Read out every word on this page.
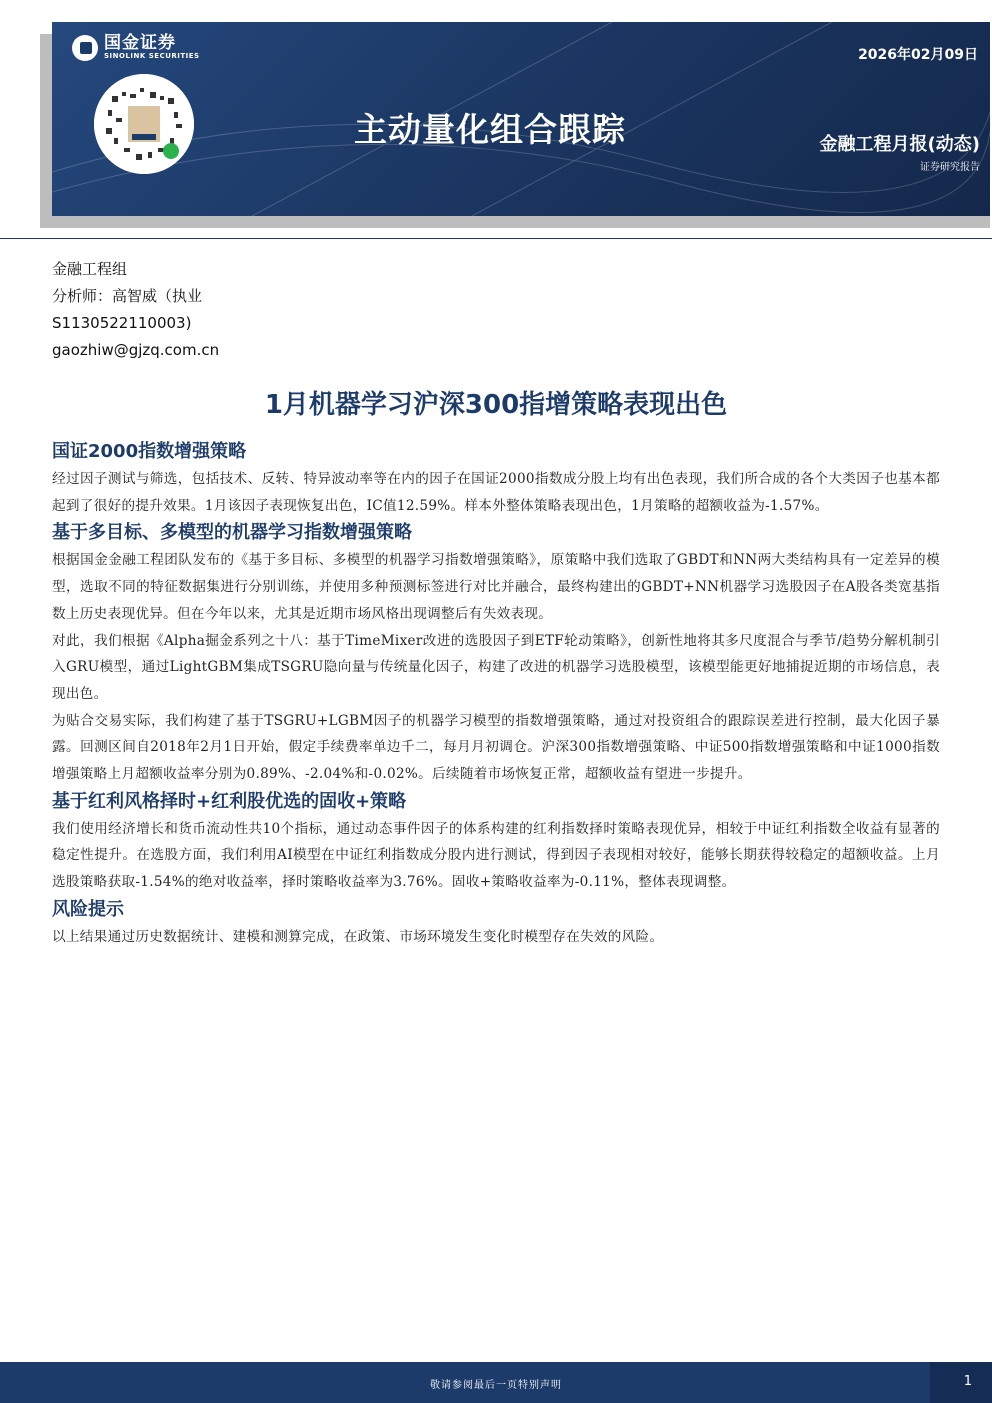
国金证券
SINOLINK SECURITIES
主动量化组合跟踪
2026年02月09日
金融工程月报(动态)
证券研究报告
金融工程组
分析师：高智威（执业
S1130522110003)
gaozhiw@gjzq.com.cn
1月机器学习沪深300指增策略表现出色
国证2000指数增强策略

经过因子测试与筛选，包括技术、反转、特异波动率等在内的因子在国证2000指数成分股上均有出色表现，我们所合成的各个大类因子也基本都起到了很好的提升效果。1月该因子表现恢复出色，IC值12.59%。样本外整体策略表现出色，1月策略的超额收益为-1.57%。

基于多目标、多模型的机器学习指数增强策略

根据国金金融工程团队发布的《基于多目标、多模型的机器学习指数增强策略》，原策略中我们选取了GBDT和NN两大类结构具有一定差异的模型，选取不同的特征数据集进行分别训练，并使用多种预测标签进行对比并融合，最终构建出的GBDT+NN机器学习选股因子在A股各类宽基指数上历史表现优异。但在今年以来，尤其是近期市场风格出现调整后有失效表现。

对此，我们根据《Alpha掘金系列之十八：基于TimeMixer改进的选股因子到ETF轮动策略》，创新性地将其多尺度混合与季节/趋势分解机制引入GRU模型，通过LightGBM集成TSGRU隐向量与传统量化因子，构建了改进的机器学习选股模型，该模型能更好地捕捉近期的市场信息，表现出色。

为贴合交易实际，我们构建了基于TSGRU+LGBM因子的机器学习模型的指数增强策略，通过对投资组合的跟踪误差进行控制，最大化因子暴露。回测区间自2018年2月1日开始，假定手续费率单边千二，每月月初调仓。沪深300指数增强策略、中证500指数增强策略和中证1000指数增强策略上月超额收益率分别为0.89%、-2.04%和-0.02%。后续随着市场恢复正常，超额收益有望进一步提升。

基于红利风格择时+红利股优选的固收+策略

我们使用经济增长和货币流动性共10个指标，通过动态事件因子的体系构建的红利指数择时策略表现优异，相较于中证红利指数全收益有显著的稳定性提升。在选股方面，我们利用AI模型在中证红利指数成分股内进行测试，得到因子表现相对较好，能够长期获得较稳定的超额收益。上月选股策略获取-1.54%的绝对收益率，择时策略收益率为3.76%。固收+策略收益率为-0.11%，整体表现调整。

风险提示

以上结果通过历史数据统计、建模和测算完成，在政策、市场环境发生变化时模型存在失效的风险。

敬请参阅最后一页特别声明	1
